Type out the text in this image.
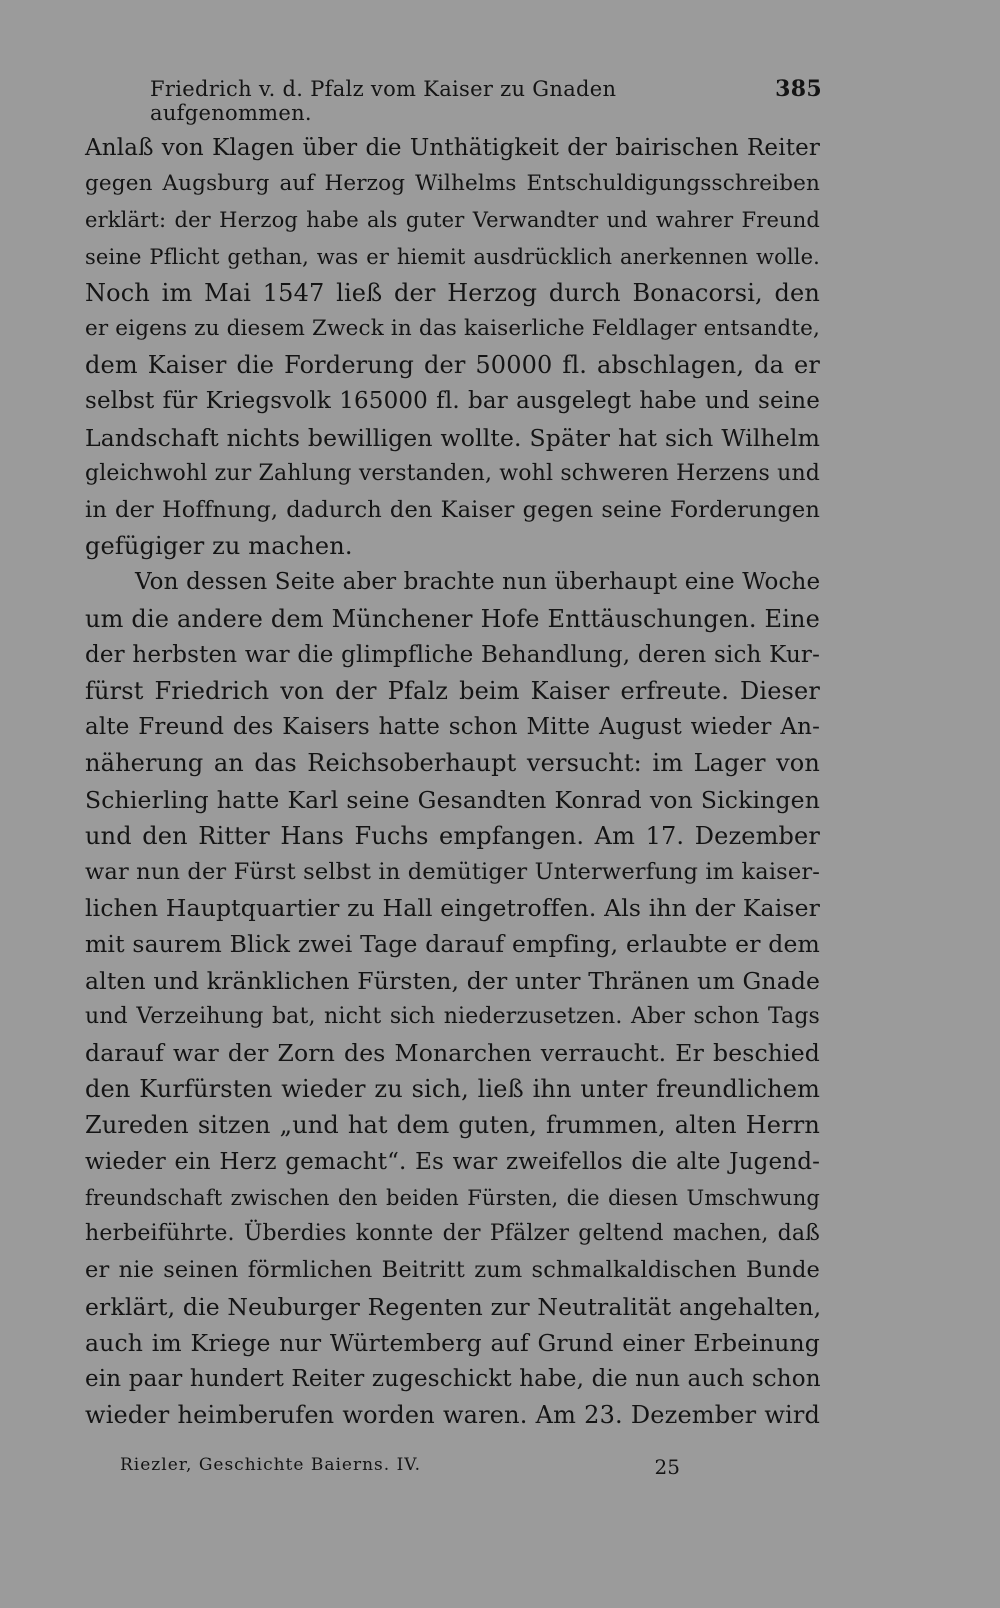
Friedrich v. d. Pfalz vom Kaiser zu Gnaden aufgenommen.
385
Anlaß von Klagen über die Unthätigkeit der bairischen Reiter
gegen Augsburg auf Herzog Wilhelms Entschuldigungsschreiben
erklärt: der Herzog habe als guter Verwandter und wahrer Freund
seine Pflicht gethan, was er hiemit ausdrücklich anerkennen wolle.
Noch im Mai 1547 ließ der Herzog durch Bonacorsi, den
er eigens zu diesem Zweck in das kaiserliche Feldlager entsandte,
dem Kaiser die Forderung der 50000 fl. abschlagen, da er
selbst für Kriegsvolk 165000 fl. bar ausgelegt habe und seine
Landschaft nichts bewilligen wollte. Später hat sich Wilhelm
gleichwohl zur Zahlung verstanden, wohl schweren Herzens und
in der Hoffnung, dadurch den Kaiser gegen seine Forderungen
gefügiger zu machen.
Von dessen Seite aber brachte nun überhaupt eine Woche
um die andere dem Münchener Hofe Enttäuschungen. Eine
der herbsten war die glimpfliche Behandlung, deren sich Kur-
fürst Friedrich von der Pfalz beim Kaiser erfreute. Dieser
alte Freund des Kaisers hatte schon Mitte August wieder An-
näherung an das Reichsoberhaupt versucht: im Lager von
Schierling hatte Karl seine Gesandten Konrad von Sickingen
und den Ritter Hans Fuchs empfangen. Am 17. Dezember
war nun der Fürst selbst in demütiger Unterwerfung im kaiser-
lichen Hauptquartier zu Hall eingetroffen. Als ihn der Kaiser
mit saurem Blick zwei Tage darauf empfing, erlaubte er dem
alten und kränklichen Fürsten, der unter Thränen um Gnade
und Verzeihung bat, nicht sich niederzusetzen. Aber schon Tags
darauf war der Zorn des Monarchen verraucht. Er beschied
den Kurfürsten wieder zu sich, ließ ihn unter freundlichem
Zureden sitzen „und hat dem guten, frummen, alten Herrn
wieder ein Herz gemacht“. Es war zweifellos die alte Jugend-
freundschaft zwischen den beiden Fürsten, die diesen Umschwung
herbeiführte. Überdies konnte der Pfälzer geltend machen, daß
er nie seinen förmlichen Beitritt zum schmalkaldischen Bunde
erklärt, die Neuburger Regenten zur Neutralität angehalten,
auch im Kriege nur Würtemberg auf Grund einer Erbeinung
ein paar hundert Reiter zugeschickt habe, die nun auch schon
wieder heimberufen worden waren. Am 23. Dezember wird
Riezler, Geschichte Baierns. IV.	25
